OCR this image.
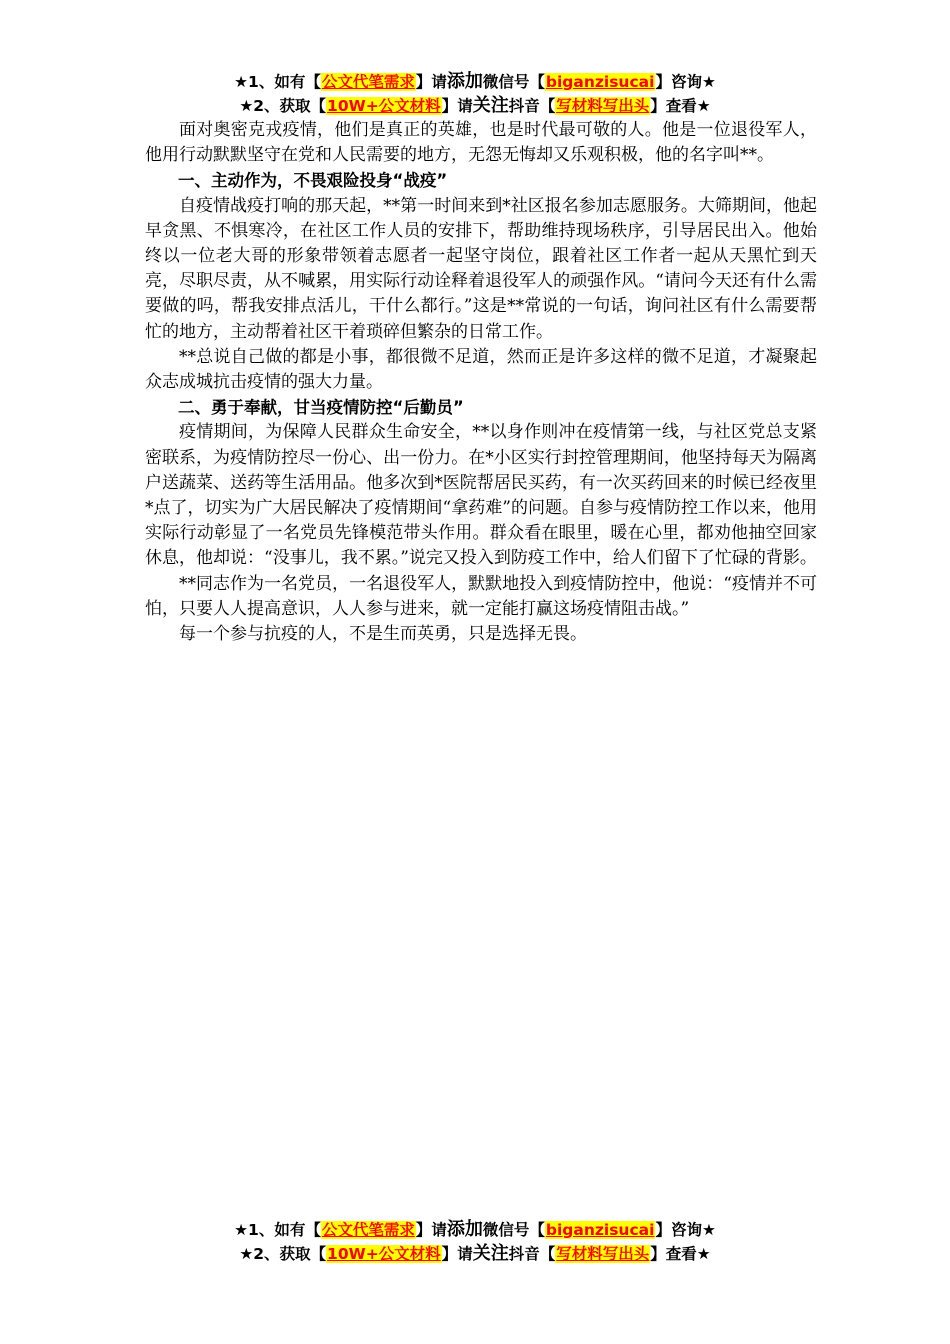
★1、如有【公文代笔需求】请添加微信号【biganzisucai】咨询★
★2、获取【10W+公文材料】请关注抖音【写材料写出头】查看★

面对奥密克戎疫情，他们是真正的英雄，也是时代最可敬的人。他是一位退役军人，他用行动默默坚守在党和人民需要的地方，无怨无悔却又乐观积极，他的名字叫**。

一、主动作为，不畏艰险投身“战疫”

自疫情战疫打响的那天起，**第一时间来到*社区报名参加志愿服务。大筛期间，他起早贪黑、不惧寒冷，在社区工作人员的安排下，帮助维持现场秩序，引导居民出入。他始终以一位老大哥的形象带领着志愿者一起坚守岗位，跟着社区工作者一起从天黑忙到天亮，尽职尽责，从不喊累，用实际行动诠释着退役军人的顽强作风。“请问今天还有什么需要做的吗，帮我安排点活儿，干什么都行。”这是**常说的一句话，询问社区有什么需要帮忙的地方，主动帮着社区干着琐碎但繁杂的日常工作。

**总说自己做的都是小事，都很微不足道，然而正是许多这样的微不足道，才凝聚起众志成城抗击疫情的强大力量。

二、勇于奉献，甘当疫情防控“后勤员”

疫情期间，为保障人民群众生命安全，**以身作则冲在疫情第一线，与社区党总支紧密联系，为疫情防控尽一份心、出一份力。在*小区实行封控管理期间，他坚持每天为隔离户送蔬菜、送药等生活用品。他多次到*医院帮居民买药，有一次买药回来的时候已经夜里*点了，切实为广大居民解决了疫情期间“拿药难”的问题。自参与疫情防控工作以来，他用实际行动彰显了一名党员先锋模范带头作用。群众看在眼里，暖在心里，都劝他抽空回家休息，他却说：“没事儿，我不累。”说完又投入到防疫工作中，给人们留下了忙碌的背影。

**同志作为一名党员，一名退役军人，默默地投入到疫情防控中，他说：“疫情并不可怕，只要人人提高意识，人人参与进来，就一定能打赢这场疫情阻击战。”

每一个参与抗疫的人，不是生而英勇，只是选择无畏。

★1、如有【公文代笔需求】请添加微信号【biganzisucai】咨询★
★2、获取【10W+公文材料】请关注抖音【写材料写出头】查看★
